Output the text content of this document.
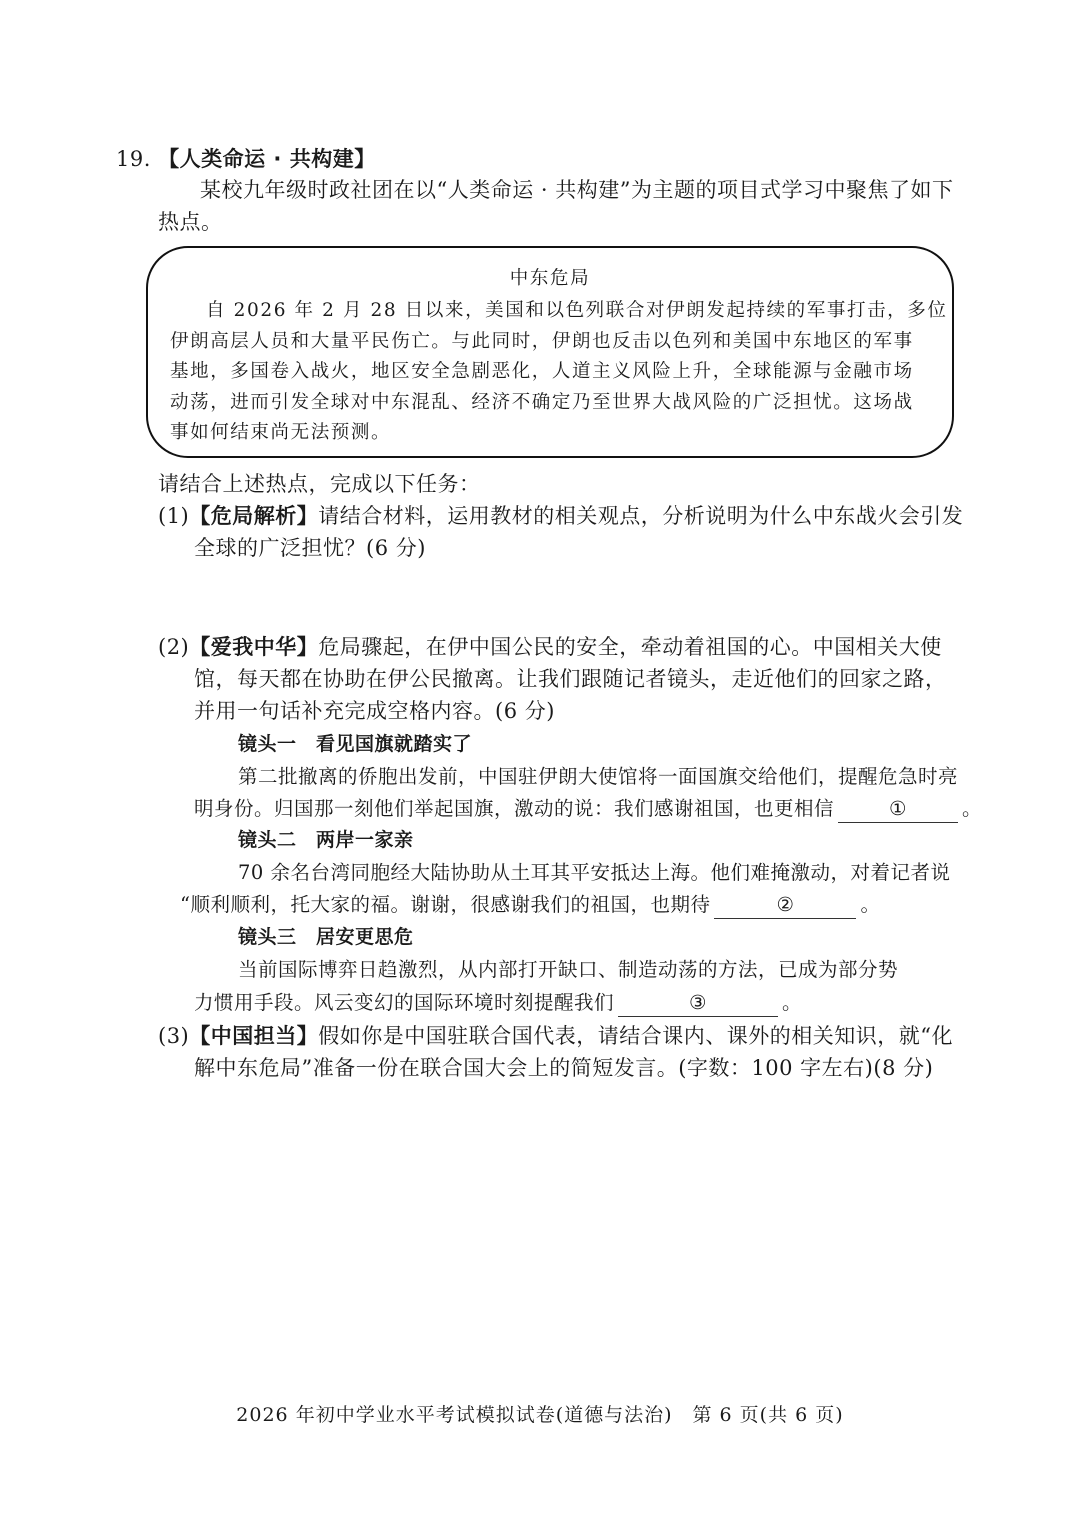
19. 【人类命运 · 共构建】
某校九年级时政社团在以“人类命运 · 共构建”为主题的项目式学习中聚焦了如下
热点。
中东危局
自 2026 年 2 月 28 日以来，美国和以色列联合对伊朗发起持续的军事打击，多位
伊朗高层人员和大量平民伤亡。与此同时，伊朗也反击以色列和美国中东地区的军事
基地，多国卷入战火，地区安全急剧恶化，人道主义风险上升，全球能源与金融市场
动荡，进而引发全球对中东混乱、经济不确定乃至世界大战风险的广泛担忧。这场战
事如何结束尚无法预测。
请结合上述热点，完成以下任务：
(1)【危局解析】请结合材料，运用教材的相关观点，分析说明为什么中东战火会引发
全球的广泛担忧？(6 分)
(2)【爱我中华】危局骤起，在伊中国公民的安全，牵动着祖国的心。中国相关大使
馆，每天都在协助在伊公民撤离。让我们跟随记者镜头，走近他们的回家之路，
并用一句话补充完成空格内容。(6 分)
镜头一　看见国旗就踏实了
第二批撤离的侨胞出发前，中国驻伊朗大使馆将一面国旗交给他们，提醒危急时亮
明身份。归国那一刻他们举起国旗，激动的说：我们感谢祖国，也更相信	①	。
镜头二　两岸一家亲
70 余名台湾同胞经大陆协助从土耳其平安抵达上海。他们难掩激动，对着记者说
“顺利顺利，托大家的福。谢谢，很感谢我们的祖国，也期待	②	。
镜头三　居安更思危
当前国际博弈日趋激烈，从内部打开缺口、制造动荡的方法，已成为部分势
力惯用手段。风云变幻的国际环境时刻提醒我们	③	。
(3)【中国担当】假如你是中国驻联合国代表，请结合课内、课外的相关知识，就“化
解中东危局”准备一份在联合国大会上的简短发言。(字数：100 字左右)(8 分)
2026 年初中学业水平考试模拟试卷(道德与法治)　第 6 页(共 6 页)
